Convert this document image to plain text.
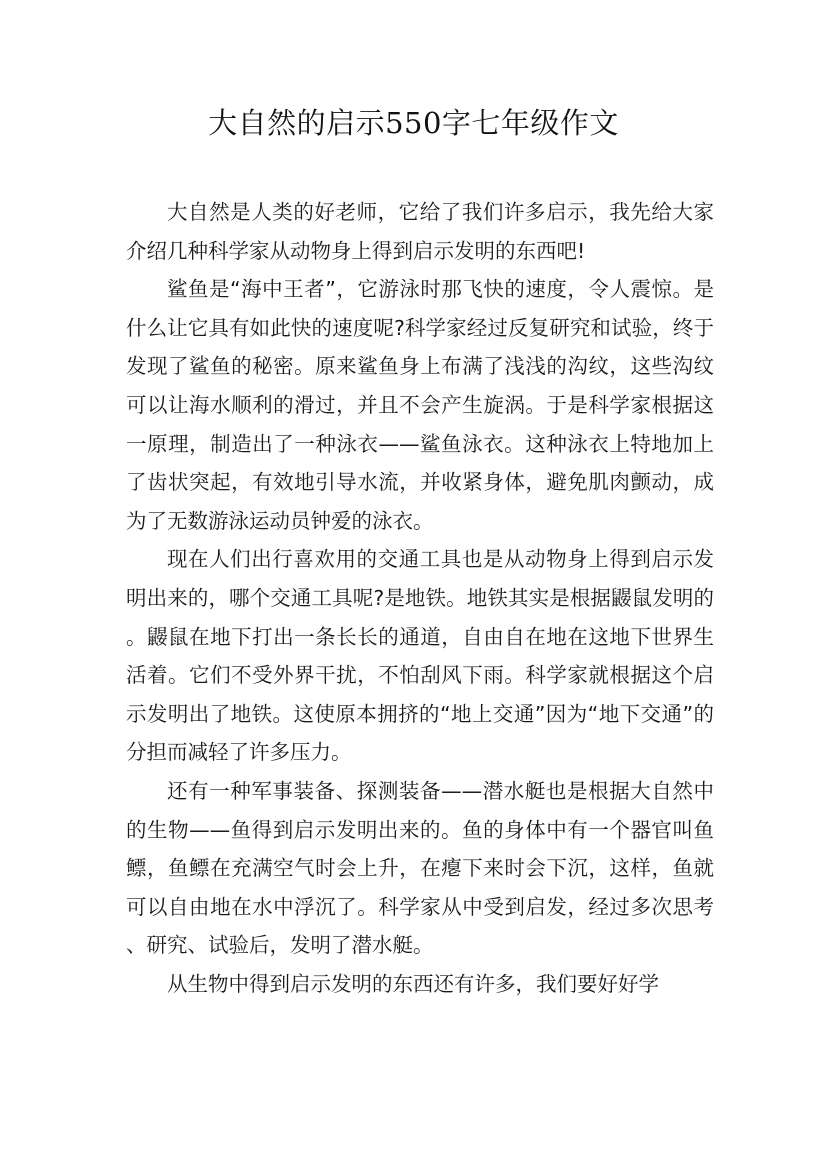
大自然的启示550字七年级作文

大自然是人类的好老师，它给了我们许多启示，我先给大家介绍几种科学家从动物身上得到启示发明的东西吧!

鲨鱼是“海中王者”，它游泳时那飞快的速度，令人震惊。是什么让它具有如此快的速度呢?科学家经过反复研究和试验，终于发现了鲨鱼的秘密。原来鲨鱼身上布满了浅浅的沟纹，这些沟纹可以让海水顺利的滑过，并且不会产生旋涡。于是科学家根据这一原理，制造出了一种泳衣——鲨鱼泳衣。这种泳衣上特地加上了齿状突起，有效地引导水流，并收紧身体，避免肌肉颤动，成为了无数游泳运动员钟爱的泳衣。

现在人们出行喜欢用的交通工具也是从动物身上得到启示发明出来的，哪个交通工具呢?是地铁。地铁其实是根据鼹鼠发明的。鼹鼠在地下打出一条长长的通道，自由自在地在这地下世界生活着。它们不受外界干扰，不怕刮风下雨。科学家就根据这个启示发明出了地铁。这使原本拥挤的“地上交通”因为“地下交通”的分担而减轻了许多压力。

还有一种军事装备、探测装备——潜水艇也是根据大自然中的生物——鱼得到启示发明出来的。鱼的身体中有一个器官叫鱼鳔，鱼鳔在充满空气时会上升，在瘪下来时会下沉，这样，鱼就可以自由地在水中浮沉了。科学家从中受到启发，经过多次思考、研究、试验后，发明了潜水艇。

从生物中得到启示发明的东西还有许多，我们要好好学
